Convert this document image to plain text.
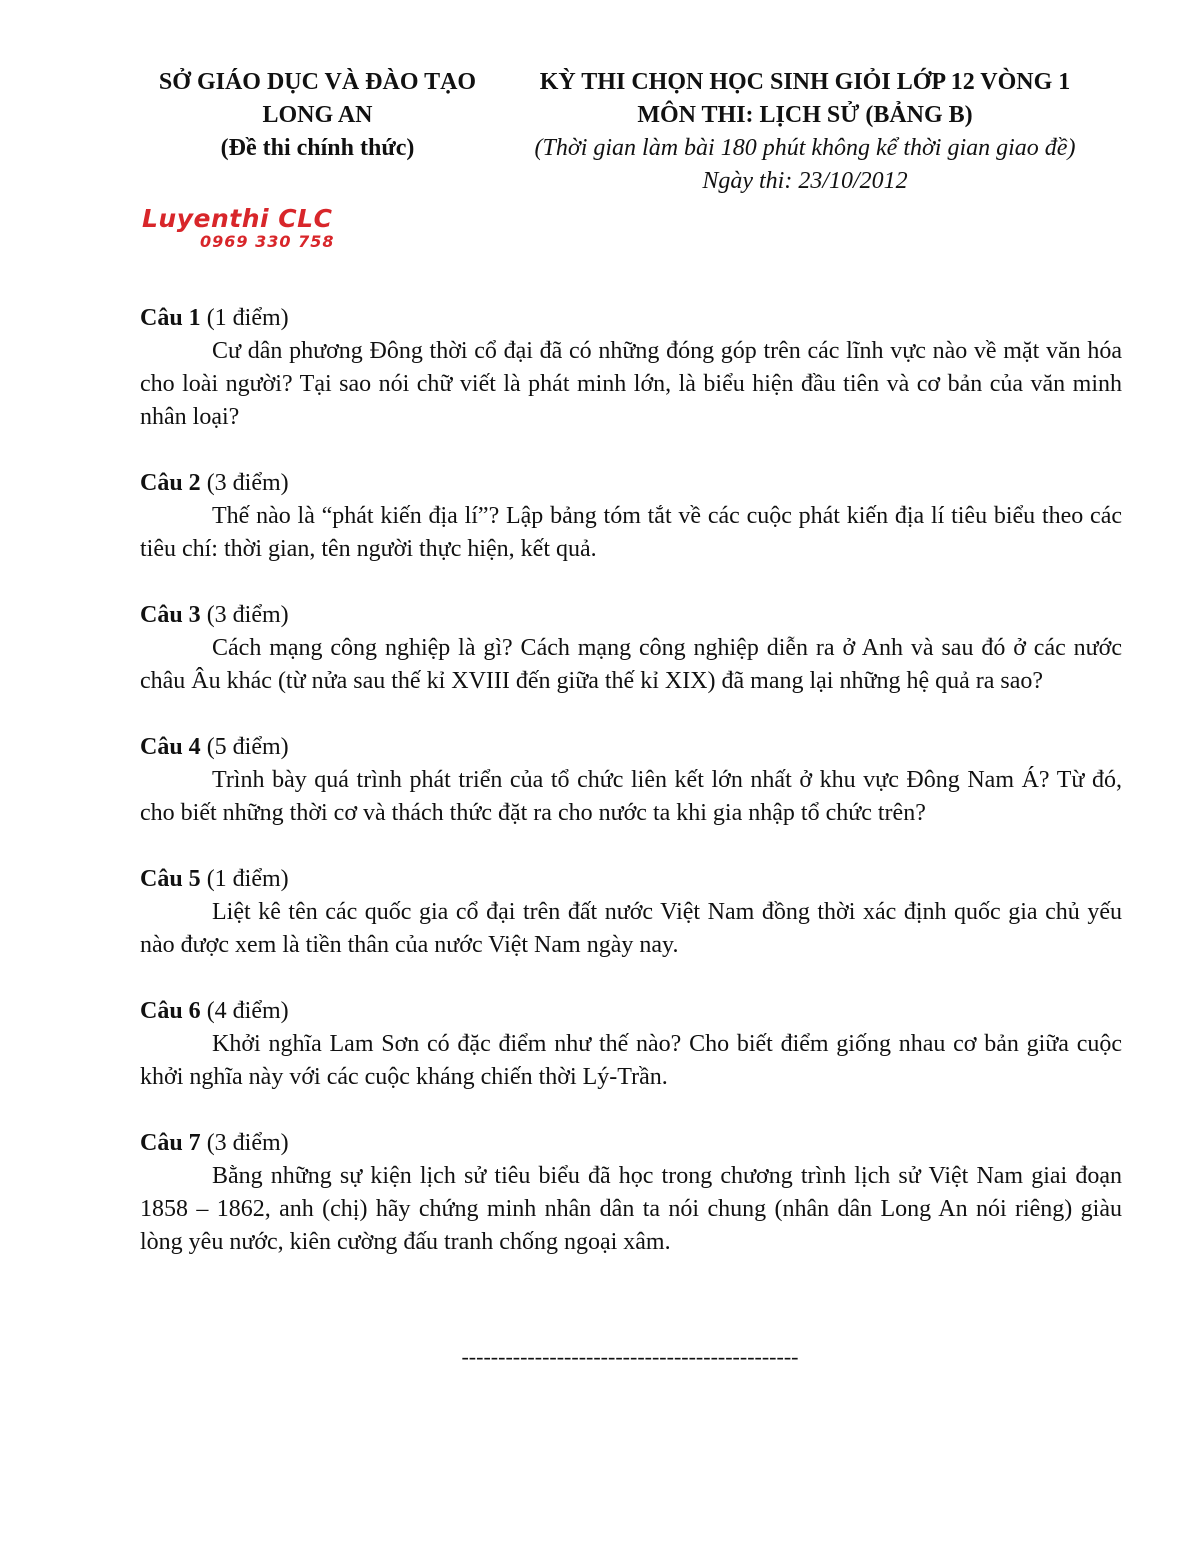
SỞ GIÁO DỤC VÀ ĐÀO TẠO
LONG AN
(Đề thi chính thức)
KỲ THI CHỌN HỌC SINH GIỎI LỚP 12 VÒNG 1
MÔN THI: LỊCH SỬ (BẢNG B)
(Thời gian làm bài 180 phút không kể thời gian giao đề)
Ngày thi: 23/10/2012
Luyenthi CLC
0969 330 758
Câu 1 (1 điểm)

Cư dân phương Đông thời cổ đại đã có những đóng góp trên các lĩnh vực nào về mặt văn hóa cho loài người? Tại sao nói chữ viết là phát minh lớn, là biểu hiện đầu tiên và cơ bản của văn minh nhân loại?

Câu 2 (3 điểm)

Thế nào là “phát kiến địa lí”? Lập bảng tóm tắt về các cuộc phát kiến địa lí tiêu biểu theo các tiêu chí: thời gian, tên người thực hiện, kết quả.

Câu 3 (3 điểm)

Cách mạng công nghiệp là gì? Cách mạng công nghiệp diễn ra ở Anh và sau đó ở các nước châu Âu khác (từ nửa sau thế kỉ XVIII đến giữa thế kỉ XIX) đã mang lại những hệ quả ra sao?

Câu 4 (5 điểm)

Trình bày quá trình phát triển của tổ chức liên kết lớn nhất ở khu vực Đông Nam Á? Từ đó, cho biết những thời cơ và thách thức đặt ra cho nước ta khi gia nhập tổ chức trên?

Câu 5 (1 điểm)

Liệt kê tên các quốc gia cổ đại trên đất nước Việt Nam đồng thời xác định quốc gia chủ yếu nào được xem là tiền thân của nước Việt Nam ngày nay.

Câu 6 (4 điểm)

Khởi nghĩa Lam Sơn có đặc điểm như thế nào? Cho biết điểm giống nhau cơ bản giữa cuộc khởi nghĩa này với các cuộc kháng chiến thời Lý-Trần.

Câu 7 (3 điểm)

Bằng những sự kiện lịch sử tiêu biểu đã học trong chương trình lịch sử Việt Nam giai đoạn 1858 – 1862, anh (chị) hãy chứng minh nhân dân ta nói chung (nhân dân Long An nói riêng) giàu lòng yêu nước, kiên cường đấu tranh chống ngoại xâm.

----------------------------------------------
